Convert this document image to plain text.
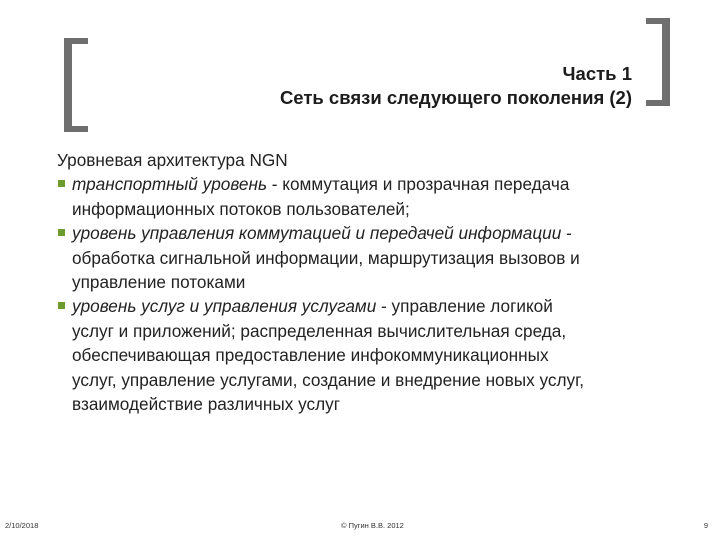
Часть 1
Сеть связи следующего поколения (2)
Уровневая архитектура NGN
транспортный уровень - коммутация и прозрачная передача
информационных потоков пользователей;
уровень управления коммутацией и передачей информации -
обработка сигнальной информации, маршрутизация вызовов и
управление потоками
уровень услуг и управления услугами - управление логикой
услуг и приложений; распределенная вычислительная среда,
обеспечивающая предоставление инфокоммуникационных
услуг, управление услугами, создание и внедрение новых услуг,
взаимодействие различных услуг
2/10/2018	© Пугин В.В. 2012	9
